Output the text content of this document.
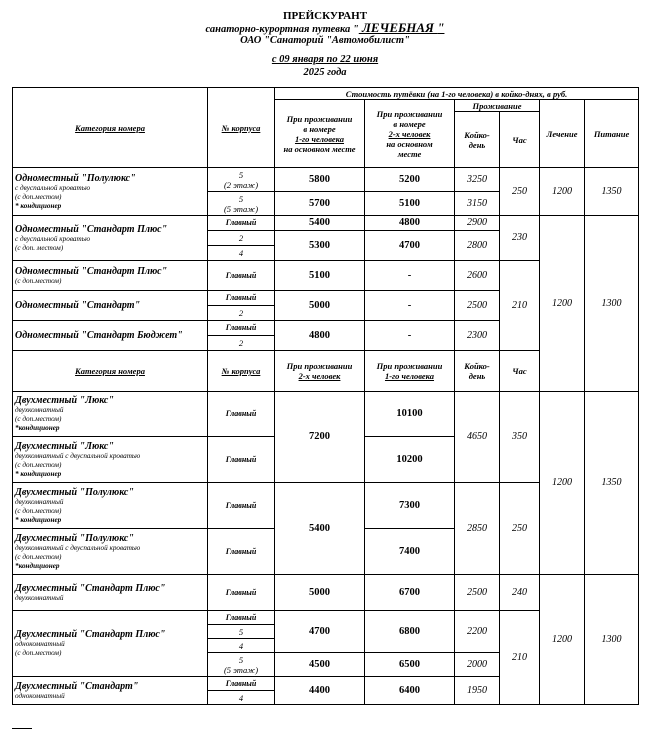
ПРЕЙСКУРАНТ
санаторно-курортная путевка " ЛЕЧЕБНАЯ "
ОАО "Санаторий "Автомобилист"
с 09 января по 22 июня
2025 года
Категория номера	№ корпуса	Стоимость путёвки (на 1-го человека) в койко-днях, в руб.						
		При проживании
в номере
1-го человека
на основном месте	При проживании
в номере
2-х человек
на основном
месте	Проживание		Лечение	Питание	
				Койко-день	Час			

Одноместный "Полулюкс"
с двуспальной кроватью
(с доп.местом)
* кондиционер	5
(2 этаж)	5800	5200	3250	250	1200	1350	
	5
(5 этаж)	5700	5100	3150				

Одноместный "Стандарт Плюс"
с двуспальной кроватью
(с доп. местом)	Главный	5400	4800	2900	230	1200	1300	
	2	5300	4700	2800				
	4							

Одноместный "Стандарт Плюс"
(с доп.местом)	Главный	5100	-	2600	210			

Одноместный "Стандарт"	Главный	5000	-	2500				
	2							

Одноместный "Стандарт Бюджет"	Главный	4800	-	2300				
	2							
Категория номера	№ корпуса	При проживании
2-х человек	При проживании
1-го человека	Койко-день	Час		

Двухместный "Люкс"
двухкомнатный
(с доп.местом)
*кондиционер	Главный	7200	10100	4650	350	1200	1350	

Двухместный "Люкс"
двухкомнатный с двуспальной кроватью
(с доп.местом)
* кондиционер	Главный		10200					

Двухместный "Полулюкс"
двухкомнатный
(с доп.местом)
* кондиционер	Главный	5400	7300	2850	250			

Двухместный "Полулюкс"
двухкомнатный с двуспальной кроватью
(с доп.местом)
*кондиционер	Главный		7400					

Двухместный "Стандарт Плюс"
двухкомнатный	Главный	5000	6700	2500	240	1200	1300	

Двухместный "Стандарт Плюс"
однокомнатный
(с доп.местом)	Главный	4700	6800	2200	210			
	5							
	4							
	5
(5 этаж)	4500	6500	2000				

Двухместный "Стандарт"
однокомнатный	Главный	4400	6400	1950				
	4							
